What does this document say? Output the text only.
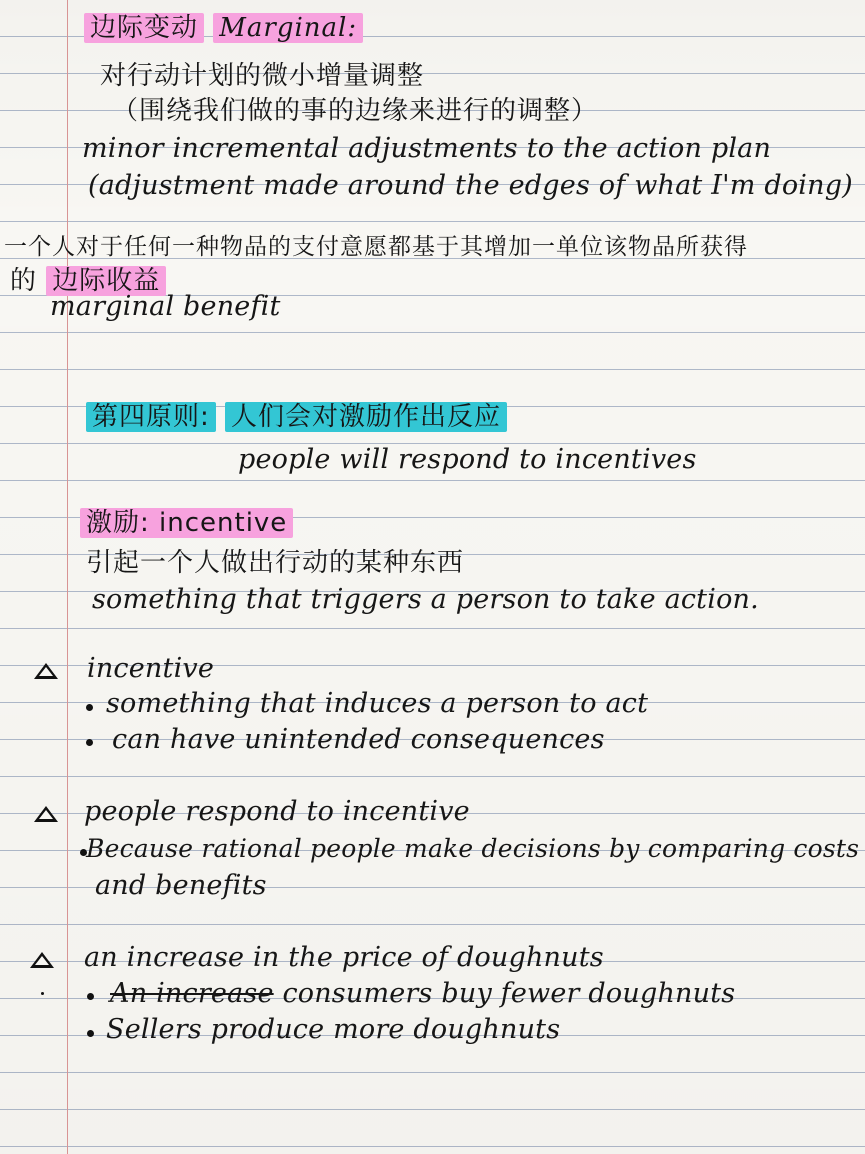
边际变动 Marginal:
对行动计划的微小增量调整
（围绕我们做的事的边缘来进行的调整）
minor incremental adjustments to the action plan
(adjustment made around the edges of what I'm doing)
一个人对于任何一种物品的支付意愿都基于其增加一单位该物品所获得
的 边际收益
marginal benefit
第四原则: 人们会对激励作出反应
people will respond to incentives
激励: incentive
引起一个人做出行动的某种东西
something that triggers a person to take action.
incentive
something that induces a person to act
can have unintended consequences
people respond to incentive
Because rational people make decisions by comparing costs
and benefits
an increase in the price of doughnuts
An increase consumers buy fewer doughnuts
Sellers produce more doughnuts
